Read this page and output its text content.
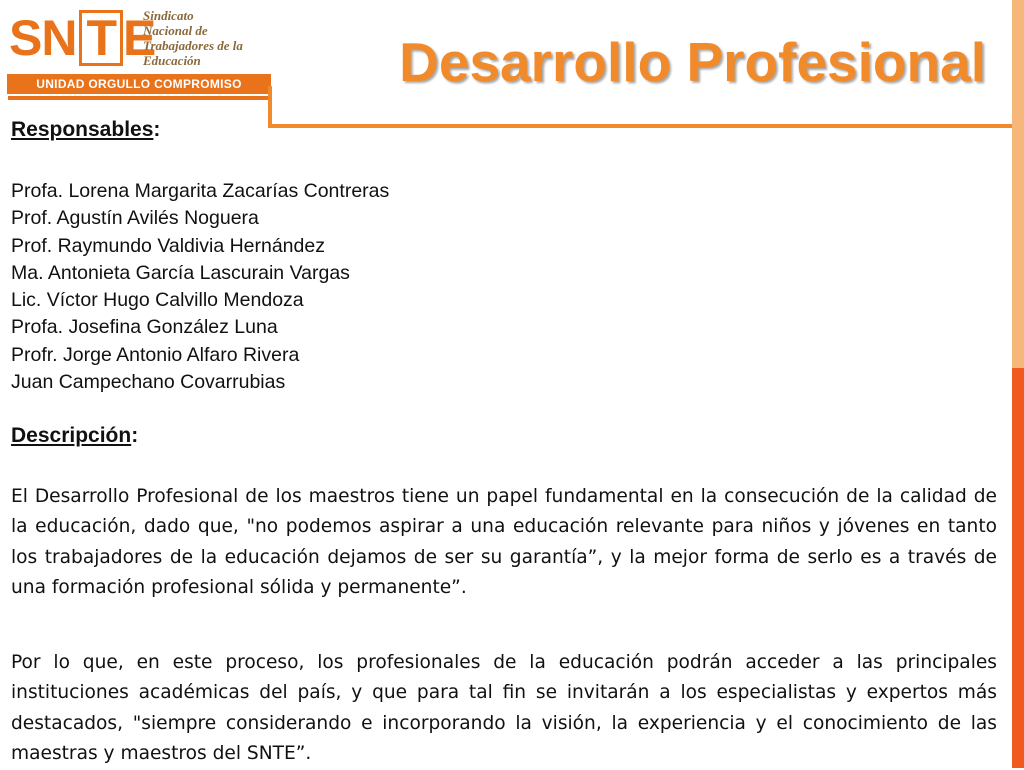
SN T E
Sindicato
Nacional de
Trabajadores de la
Educación
UNIDAD ORGULLO COMPROMISO	Desarrollo Profesional
Responsables:
Profa. Lorena Margarita Zacarías Contreras
Prof. Agustín Avilés Noguera
Prof. Raymundo Valdivia Hernández
Ma. Antonieta García Lascurain Vargas
Lic. Víctor Hugo Calvillo Mendoza
Profa. Josefina González Luna
Profr. Jorge Antonio Alfaro Rivera
Juan Campechano Covarrubias
Descripción:

El Desarrollo Profesional de los maestros tiene un papel fundamental en la consecución de la calidad de la educación, dado que, "no podemos aspirar a una educación relevante para niños y jóvenes en tanto los trabajadores de la educación dejamos de ser su garantía”, y la mejor forma de serlo es a través de una formación profesional sólida y permanente”.

Por lo que, en este proceso, los profesionales de la educación podrán acceder a las principales instituciones académicas del país, y que para tal fin se invitarán a los especialistas y expertos más destacados, "siempre considerando e incorporando la visión, la experiencia y el conocimiento de las maestras y maestros del SNTE”.
